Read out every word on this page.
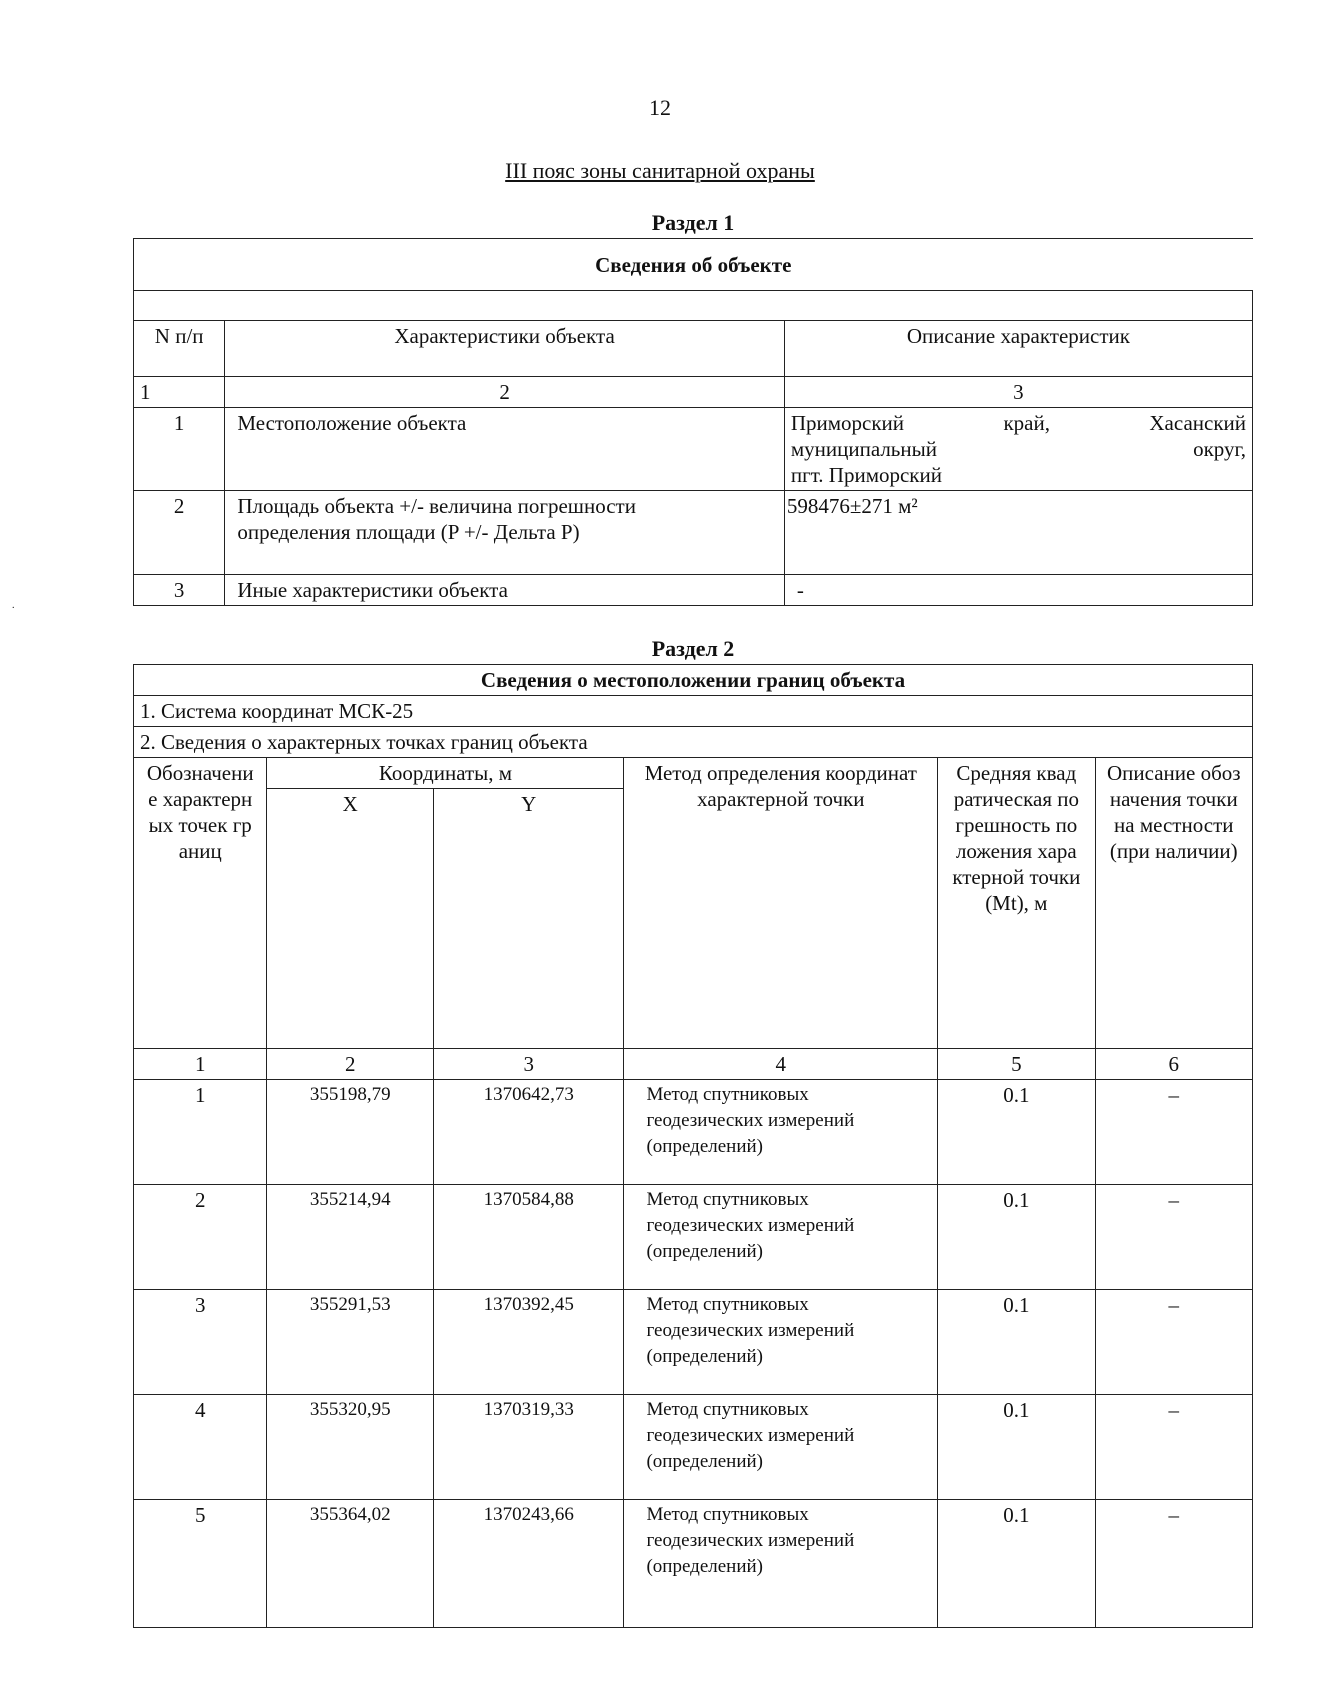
12
III пояс зоны санитарной охраны
.
Раздел 1
Сведения об объекте		

N п/п	Характеристики объекта	Описание характеристик
1	2	3
1	Местоположение объекта	Приморский край, Хасанский
муниципальный округ,
пгт. Приморский

2	Площадь объекта +/- величина погрешности определения площади (P +/- Дельта P)	598476±271 м²
3	Иные характеристики объекта	-
Раздел 2
Сведения о местоположении границ объекта					
1. Система координат МСК-25					
2. Сведения о характерных точках границ объекта					
Обозначение характерных точек границ	Координаты, м		Метод определения координат характерной точки	Средняя квадратическая погрешность положения характерной точки (Mt), м	Описание обозначения точки на местности (при наличии)
	X	Y			
1	2	3	4	5	6
1	355198,79	1370642,73	Метод спутниковых геодезических измерений (определений)	0.1	–
2	355214,94	1370584,88	Метод спутниковых геодезических измерений (определений)	0.1	–
3	355291,53	1370392,45	Метод спутниковых геодезических измерений (определений)	0.1	–
4	355320,95	1370319,33	Метод спутниковых геодезических измерений (определений)	0.1	–
5	355364,02	1370243,66	Метод спутниковых геодезических измерений (определений)	0.1	–
